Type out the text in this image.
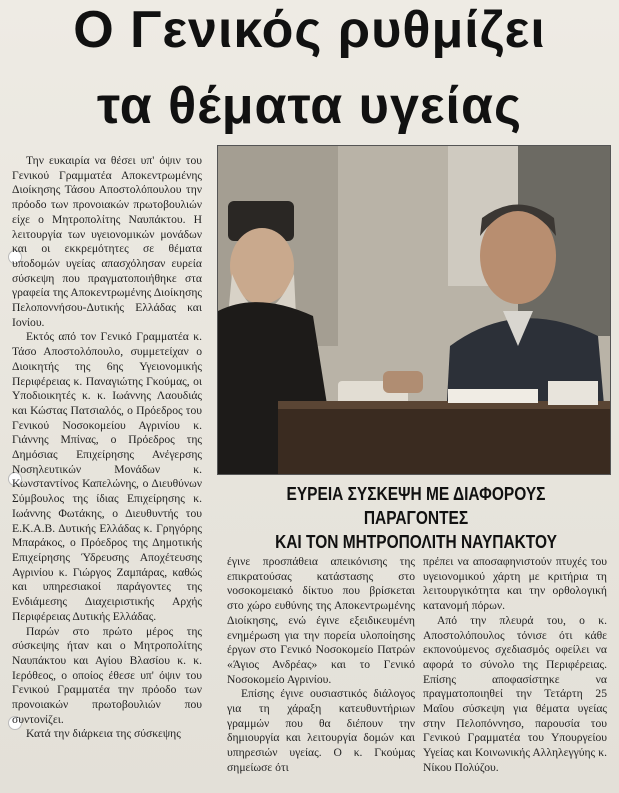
Ο Γενικός ρυθμίζει
τα θέματα υγείας

Την ευκαιρία να θέσει υπ' όψιν του Γενικού Γραμματέα Αποκεντρωμένης Διοίκησης Τάσου Αποστολόπουλου την πρόοδο των προνοιακών πρωτοβουλιών είχε ο Μητροπολίτης Ναυπάκτου. Η λειτουργία των υγειονομικών μονάδων και οι εκκρεμότητες σε θέματα υποδομών υγείας απασχόλησαν ευρεία σύσκεψη που πραγματοποιήθηκε στα γραφεία της Αποκεντρωμένης Διοίκησης Πελοποννήσου-Δυτικής Ελλάδας και Ιονίου.

Εκτός από τον Γενικό Γραμματέα κ. Τάσο Αποστολόπουλο, συμμετείχαν ο Διοικητής της 6ης Υγειονομικής Περιφέρειας κ. Παναγιώτης Γκούμας, οι Υποδιοικητές κ. κ. Ιωάννης Λαουδιάς και Κώστας Πατσιαλός, ο Πρόεδρος του Γενικού Νοσοκομείου Αγρινίου κ. Γιάννης Μπίνας, ο Πρόεδρος της Δημόσιας Επιχείρησης Ανέγερσης Νοσηλευτικών Μονάδων κ. Κωνσταντίνος Καπελώνης, ο Διευθύνων Σύμβουλος της ίδιας Επιχείρησης κ. Ιωάννης Φωτάκης, ο Διευθυντής του Ε.Κ.Α.Β. Δυτικής Ελλάδας κ. Γρηγόρης Μπαράκος, ο Πρόεδρος της Δημοτικής Επιχείρησης Ύδρευσης Αποχέτευσης Αγρινίου κ. Γιώργος Ζαμπάρας, καθώς και υπηρεσιακοί παράγοντες της Ενδιάμεσης Διαχειριστικής Αρχής Περιφέρειας Δυτικής Ελλάδας.

Παρών στο πρώτο μέρος της σύσκεψης ήταν και ο Μητροπολίτης Ναυπάκτου και Αγίου Βλασίου κ. κ. Ιερόθεος, ο οποίος έθεσε υπ' όψιν του Γενικού Γραμματέα την πρόοδο των προνοιακών πρωτοβουλιών που συντονίζει.

Κατά την διάρκεια της σύσκεψης

ΕΥΡΕΙΑ ΣΥΣΚΕΨΗ ΜΕ ΔΙΑΦΟΡΟΥΣ ΠΑΡΑΓΟΝΤΕΣ
ΚΑΙ ΤΟΝ ΜΗΤΡΟΠΟΛΙΤΗ ΝΑΥΠΑΚΤΟΥ

έγινε προσπάθεια απεικόνισης της επικρατούσας κατάστασης στο νοσοκομειακό δίκτυο που βρίσκεται στο χώρο ευθύνης της Αποκεντρωμένης Διοίκησης, ενώ έγινε εξειδικευμένη ενημέρωση για την πορεία υλοποίησης έργων στο Γενικό Νοσοκομείο Πατρών «Άγιος Ανδρέας» και το Γενικό Νοσοκομείο Αγρινίου.

Επίσης έγινε ουσιαστικός διάλογος για τη χάραξη κατευθυντήριων γραμμών που θα διέπουν την δημιουργία και λειτουργία δομών και υπηρεσιών υγείας. Ο κ. Γκούμας σημείωσε ότι

πρέπει να αποσαφηνιστούν πτυχές του υγειονομικού χάρτη με κριτήρια τη λειτουργικότητα και την ορθολογική κατανομή πόρων.

Από την πλευρά του, ο κ. Αποστολόπουλος τόνισε ότι κάθε εκπονούμενος σχεδιασμός οφείλει να αφορά το σύνολο της Περιφέρειας. Επίσης αποφασίστηκε να πραγματοποιηθεί την Τετάρτη 25 Μαΐου σύσκεψη για θέματα υγείας στην Πελοπόννησο, παρουσία του Γενικού Γραμματέα του Υπουργείου Υγείας και Κοινωνικής Αλληλεγγύης κ. Νίκου Πολύζου.
